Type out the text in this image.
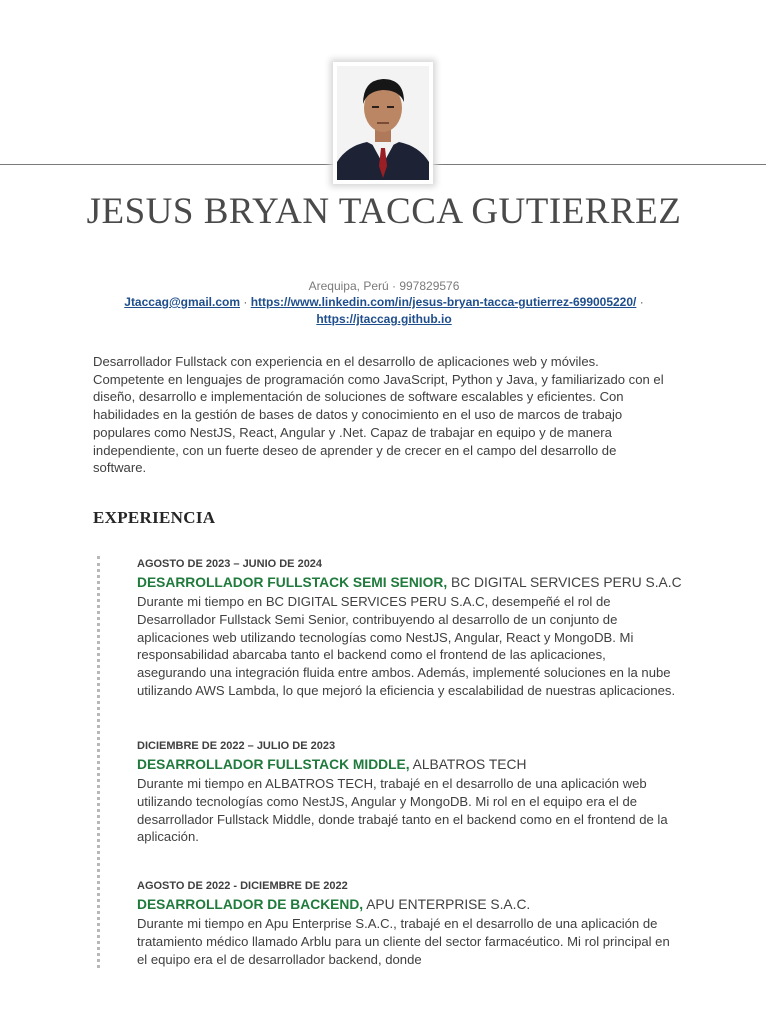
JESUS BRYAN TACCA GUTIERREZ
Arequipa, Perú · 997829576
Jtaccag@gmail.com · https://www.linkedin.com/in/jesus-bryan-tacca-gutierrez-699005220/ ·
https://jtaccag.github.io
Desarrollador Fullstack con experiencia en el desarrollo de aplicaciones web y móviles. Competente en lenguajes de programación como JavaScript, Python y Java, y familiarizado con el diseño, desarrollo e implementación de soluciones de software escalables y eficientes. Con habilidades en la gestión de bases de datos y conocimiento en el uso de marcos de trabajo populares como NestJS, React, Angular y .Net. Capaz de trabajar en equipo y de manera independiente, con un fuerte deseo de aprender y de crecer en el campo del desarrollo de software.
EXPERIENCIA
AGOSTO DE 2023 – JUNIO DE 2024
DESARROLLADOR FULLSTACK SEMI SENIOR, BC DIGITAL SERVICES PERU S.A.C
Durante mi tiempo en BC DIGITAL SERVICES PERU S.A.C, desempeñé el rol de Desarrollador Fullstack Semi Senior, contribuyendo al desarrollo de un conjunto de aplicaciones web utilizando tecnologías como NestJS, Angular, React y MongoDB. Mi responsabilidad abarcaba tanto el backend como el frontend de las aplicaciones, asegurando una integración fluida entre ambos. Además, implementé soluciones en la nube utilizando AWS Lambda, lo que mejoró la eficiencia y escalabilidad de nuestras aplicaciones.
DICIEMBRE DE 2022 – JULIO DE 2023
DESARROLLADOR FULLSTACK MIDDLE, ALBATROS TECH
Durante mi tiempo en ALBATROS TECH, trabajé en el desarrollo de una aplicación web utilizando tecnologías como NestJS, Angular y MongoDB. Mi rol en el equipo era el de desarrollador Fullstack Middle, donde trabajé tanto en el backend como en el frontend de la aplicación.
AGOSTO DE 2022 - DICIEMBRE DE 2022
DESARROLLADOR DE BACKEND, APU ENTERPRISE S.A.C.
Durante mi tiempo en Apu Enterprise S.A.C., trabajé en el desarrollo de una aplicación de tratamiento médico llamado Arblu para un cliente del sector farmacéutico. Mi rol principal en el equipo era el de desarrollador backend, donde
